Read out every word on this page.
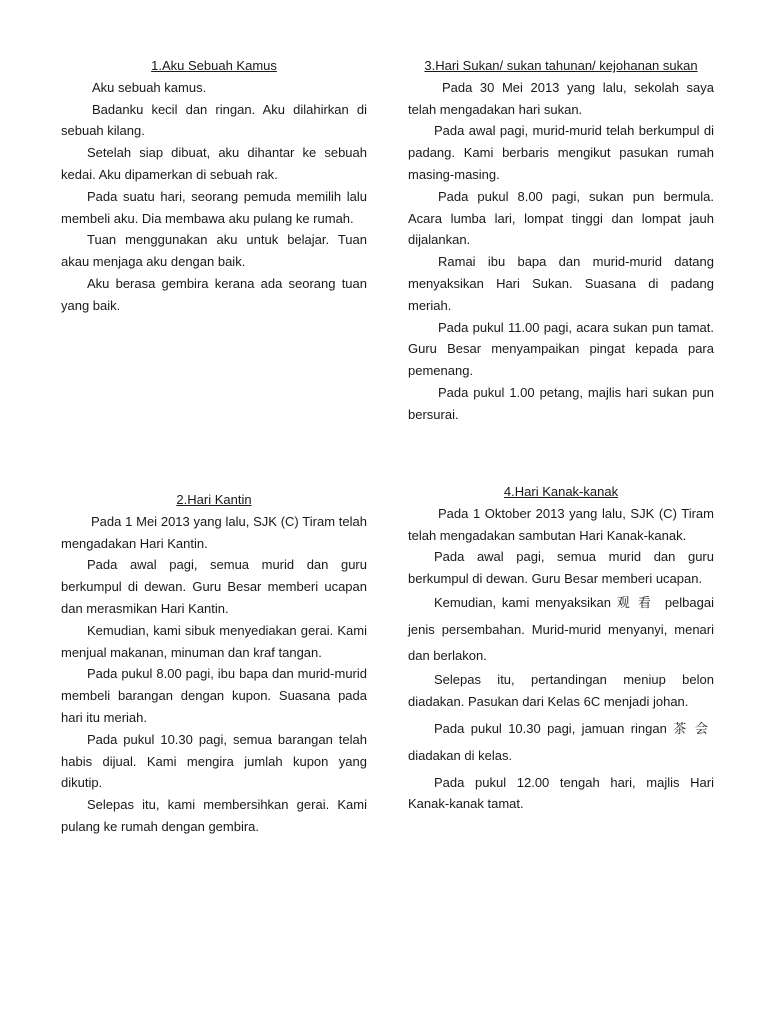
1.Aku Sebuah Kamus

Aku sebuah kamus.

Badanku kecil dan ringan. Aku dilahirkan di sebuah kilang.

Setelah siap dibuat, aku dihantar ke sebuah kedai. Aku dipamerkan di sebuah rak.

Pada suatu hari, seorang pemuda memilih lalu membeli aku. Dia membawa aku pulang ke rumah.

Tuan menggunakan aku untuk belajar. Tuan akau menjaga aku dengan baik.

Aku berasa gembira kerana ada seorang tuan yang baik.

3.Hari Sukan/ sukan tahunan/ kejohanan sukan

Pada 30 Mei 2013 yang lalu, sekolah saya telah mengadakan hari sukan.

Pada awal pagi, murid-murid telah berkumpul di padang. Kami berbaris mengikut pasukan rumah masing-masing.

Pada pukul 8.00 pagi, sukan pun bermula. Acara lumba lari, lompat tinggi dan lompat jauh dijalankan.

Ramai ibu bapa dan murid-murid datang menyaksikan Hari Sukan. Suasana di padang meriah.

Pada pukul 11.00 pagi, acara sukan pun tamat. Guru Besar menyampaikan pingat kepada para pemenang.

Pada pukul 1.00 petang, majlis hari sukan pun bersurai.

2.Hari Kantin

Pada 1 Mei 2013 yang lalu, SJK (C) Tiram telah mengadakan Hari Kantin.

Pada awal pagi, semua murid dan guru berkumpul di dewan. Guru Besar memberi ucapan dan merasmikan Hari Kantin.

Kemudian, kami sibuk menyediakan gerai. Kami menjual makanan, minuman dan kraf tangan.

Pada pukul 8.00 pagi, ibu bapa dan murid-murid membeli barangan dengan kupon. Suasana pada hari itu meriah.

Pada pukul 10.30 pagi, semua barangan telah habis dijual. Kami mengira jumlah kupon yang dikutip.

Selepas itu, kami membersihkan gerai. Kami pulang ke rumah dengan gembira.

4.Hari Kanak-kanak

Pada 1 Oktober 2013 yang lalu, SJK (C) Tiram telah mengadakan sambutan Hari Kanak-kanak.

Pada awal pagi, semua murid dan guru berkumpul di dewan. Guru Besar memberi ucapan.

Kemudian, kami menyaksikan 观看 pelbagai jenis persembahan. Murid-murid menyanyi, menari dan berlakon.

Selepas itu, pertandingan meniup belon diadakan. Pasukan dari Kelas 6C menjadi johan.

Pada pukul 10.30 pagi, jamuan ringan 茶会 diadakan di kelas.

Pada pukul 12.00 tengah hari, majlis Hari Kanak-kanak tamat.
